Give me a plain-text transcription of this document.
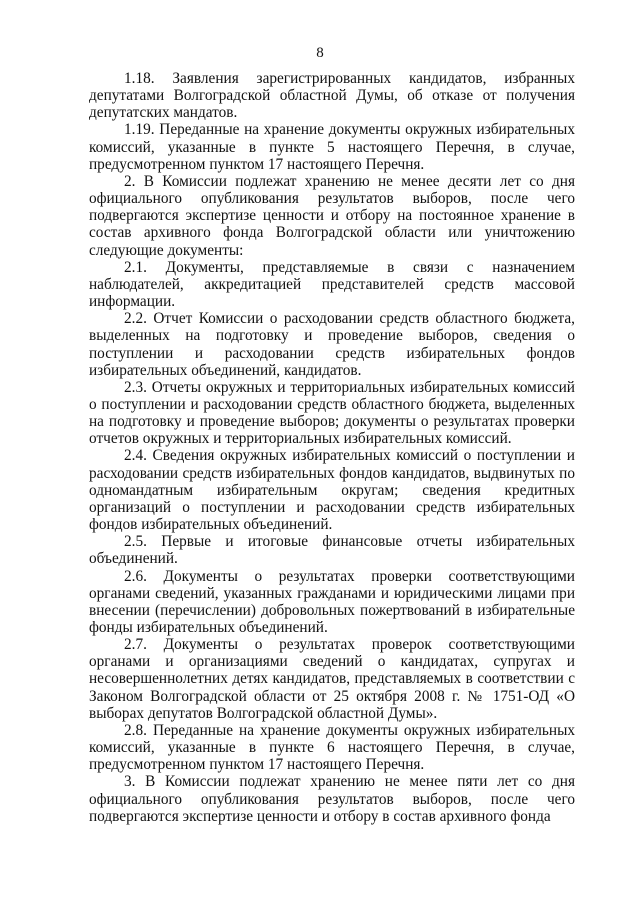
8

1.18. Заявления зарегистрированных кандидатов, избранных депутатами Волгоградской областной Думы, об отказе от получения депутатских мандатов.

1.19. Переданные на хранение документы окружных избирательных комиссий, указанные в пункте 5 настоящего Перечня, в случае, предусмотренном пунктом 17 настоящего Перечня.

2. В Комиссии подлежат хранению не менее десяти лет со дня официального опубликования результатов выборов, после чего подвергаются экспертизе ценности и отбору на постоянное хранение в состав архивного фонда Волгоградской области или уничтожению следующие документы:

2.1. Документы, представляемые в связи с назначением наблюдателей, аккредитацией представителей средств массовой информации.

2.2. Отчет Комиссии о расходовании средств областного бюджета, выделенных на подготовку и проведение выборов, сведения о поступлении и расходовании средств избирательных фондов избирательных объединений, кандидатов.

2.3. Отчеты окружных и территориальных избирательных комиссий о поступлении и расходовании средств областного бюджета, выделенных на подготовку и проведение выборов; документы о результатах проверки отчетов окружных и территориальных избирательных комиссий.

2.4. Сведения окружных избирательных комиссий о поступлении и расходовании средств избирательных фондов кандидатов, выдвинутых по одномандатным избирательным округам; сведения кредитных организаций о поступлении и расходовании средств избирательных фондов избирательных объединений.

2.5. Первые и итоговые финансовые отчеты избирательных объединений.

2.6. Документы о результатах проверки соответствующими органами сведений, указанных гражданами и юридическими лицами при внесении (перечислении) добровольных пожертвований в избирательные фонды избирательных объединений.

2.7. Документы о результатах проверок соответствующими органами и организациями сведений о кандидатах, супругах и несовершеннолетних детях кандидатов, представляемых в соответствии с Законом Волгоградской области от 25 октября 2008 г. № 1751-ОД «О выборах депутатов Волгоградской областной Думы».

2.8. Переданные на хранение документы окружных избирательных комиссий, указанные в пункте 6 настоящего Перечня, в случае, предусмотренном пунктом 17 настоящего Перечня.

3. В Комиссии подлежат хранению не менее пяти лет со дня официального опубликования результатов выборов, после чего подвергаются экспертизе ценности и отбору в состав архивного фонда
